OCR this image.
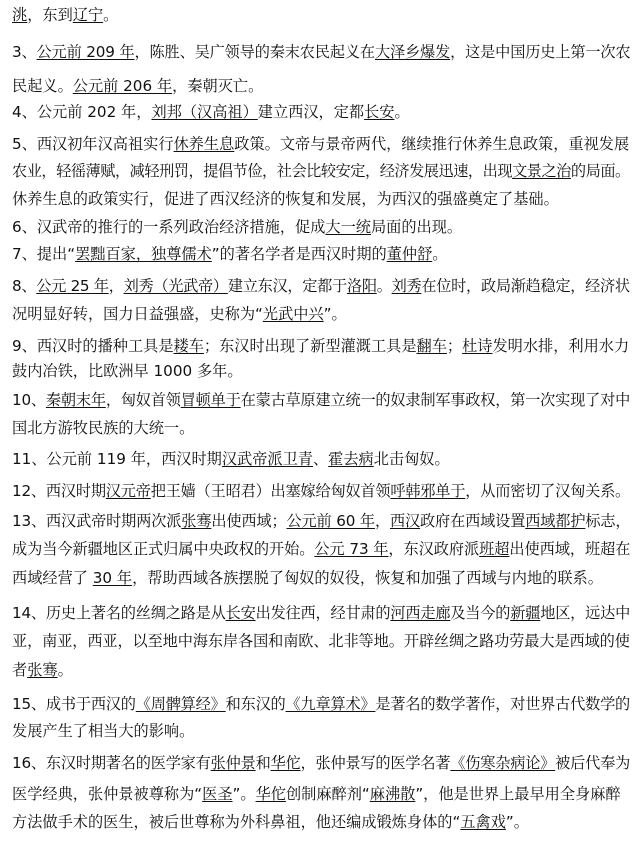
洮，东到辽宁。
3、公元前 209 年，陈胜、吴广领导的秦末农民起义在大泽乡爆发，这是中国历史上第一次农
民起义。公元前 206 年，秦朝灭亡。
4、公元前 202 年，刘邦（汉高祖）建立西汉，定都长安。
5、西汉初年汉高祖实行休养生息政策。文帝与景帝两代，继续推行休养生息政策，重视发展
农业，轻徭薄赋，减轻刑罚，提倡节俭，社会比较安定，经济发展迅速，出现文景之治的局面。
休养生息的政策实行，促进了西汉经济的恢复和发展，为西汉的强盛奠定了基础。
6、汉武帝的推行的一系列政治经济措施，促成大一统局面的出现。
7、提出“罢黜百家，独尊儒术”的著名学者是西汉时期的董仲舒。
8、公元 25 年，刘秀（光武帝）建立东汉，定都于洛阳。刘秀在位时，政局渐趋稳定，经济状
况明显好转，国力日益强盛，史称为“光武中兴”。
9、西汉时的播种工具是耧车；东汉时出现了新型灌溉工具是翻车；杜诗发明水排，利用水力
鼓内冶铁，比欧洲早 1000 多年。
10、秦朝末年，匈奴首领冒顿单于在蒙古草原建立统一的奴隶制军事政权，第一次实现了对中
国北方游牧民族的大统一。
11、公元前 119 年，西汉时期汉武帝派卫青、霍去病北击匈奴。
12、西汉时期汉元帝把王嫱（王昭君）出塞嫁给匈奴首领呼韩邪单于，从而密切了汉匈关系。
13、西汉武帝时期两次派张骞出使西域；公元前 60 年，西汉政府在西域设置西域都护标志，
成为当今新疆地区正式归属中央政权的开始。公元 73 年，东汉政府派班超出使西域，班超在
西域经营了 30 年，帮助西域各族摆脱了匈奴的奴役，恢复和加强了西域与内地的联系。
14、历史上著名的丝绸之路是从长安出发往西，经甘肃的河西走廊及当今的新疆地区，远达中
亚，南亚，西亚，以至地中海东岸各国和南欧、北非等地。开辟丝绸之路功劳最大是西域的使
者张骞。
15、成书于西汉的《周髀算经》和东汉的《九章算术》是著名的数学著作，对世界古代数学的
发展产生了相当大的影响。
16、东汉时期著名的医学家有张仲景和华佗，张仲景写的医学名著《伤寒杂病论》被后代奉为
医学经典，张仲景被尊称为“医圣”。华佗创制麻醉剂“麻沸散”，他是世界上最早用全身麻醉
方法做手术的医生，被后世尊称为外科鼻祖，他还编成锻炼身体的“五禽戏”。
